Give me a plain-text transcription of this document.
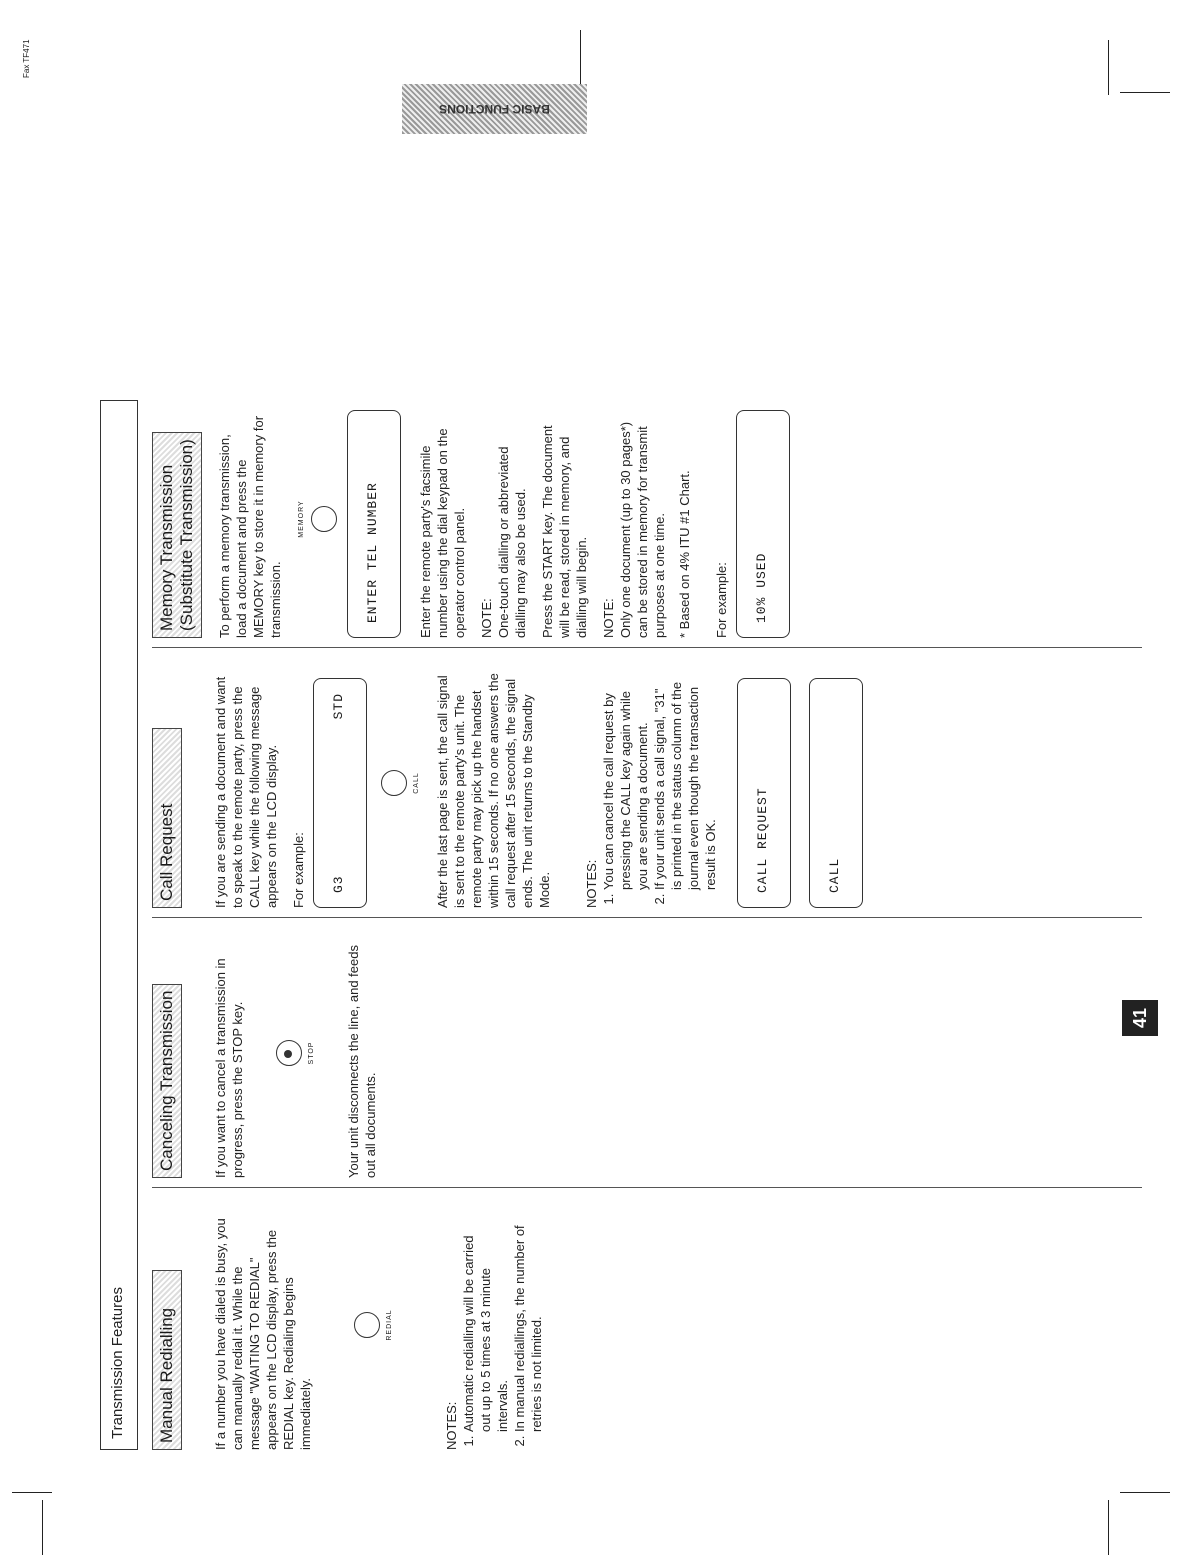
Fax TF471
BASIC FUNCTIONS
41
Transmission Features	Manual Redialling	If a number you have dialed is busy, you can manually redial it. While the message "WAITING TO REDIAL" appears on the LCD display, press the REDIAL key. Redialing begins immediately.
REDIAL
NOTES: 1. Automatic redialling will be carried out up to 5 times at 3 minute intervals. 2. In manual rediallings, the number of retries is not limited.
Canceling Transmission	If you want to cancel a transmission in progress, press the STOP key.	STOP Your unit disconnects the line, and feeds out all documents.
Call Request	If you are sending a document and want to speak to the remote party, press the CALL key while the following message appears on the LCD display. For example:	G3
STD
CALL After the last page is sent, the call signal is sent to the remote party's unit. The remote party may pick up the handset within 15 seconds. If no one answers the call request after 15 seconds, the signal ends. The unit returns to the Standby Mode. NOTES: 1. You can cancel the call request by pressing the CALL key again while you are sending a document. 2. If your unit sends a call signal, "31" is printed in the status column of the journal even though the transaction result is OK.	CALL REQUEST	CALL
Memory Transmission (Substitute Transmission) To perform a memory transmission, load a document and press the MEMORY key to store it in memory for transmission.
MEMORY	ENTER TEL NUMBER	Enter the remote party's facsimile number using the dial keypad on the operator control panel. NOTE: One-touch dialling or abbreviated dialling may also be used. Press the START key. The document will be read, stored in memory, and dialling will begin. NOTE: Only one document (up to 30 pages*) can be stored in memory for transmit purposes at one time. * Based on 4% ITU #1 Chart. For example:	10% USED
